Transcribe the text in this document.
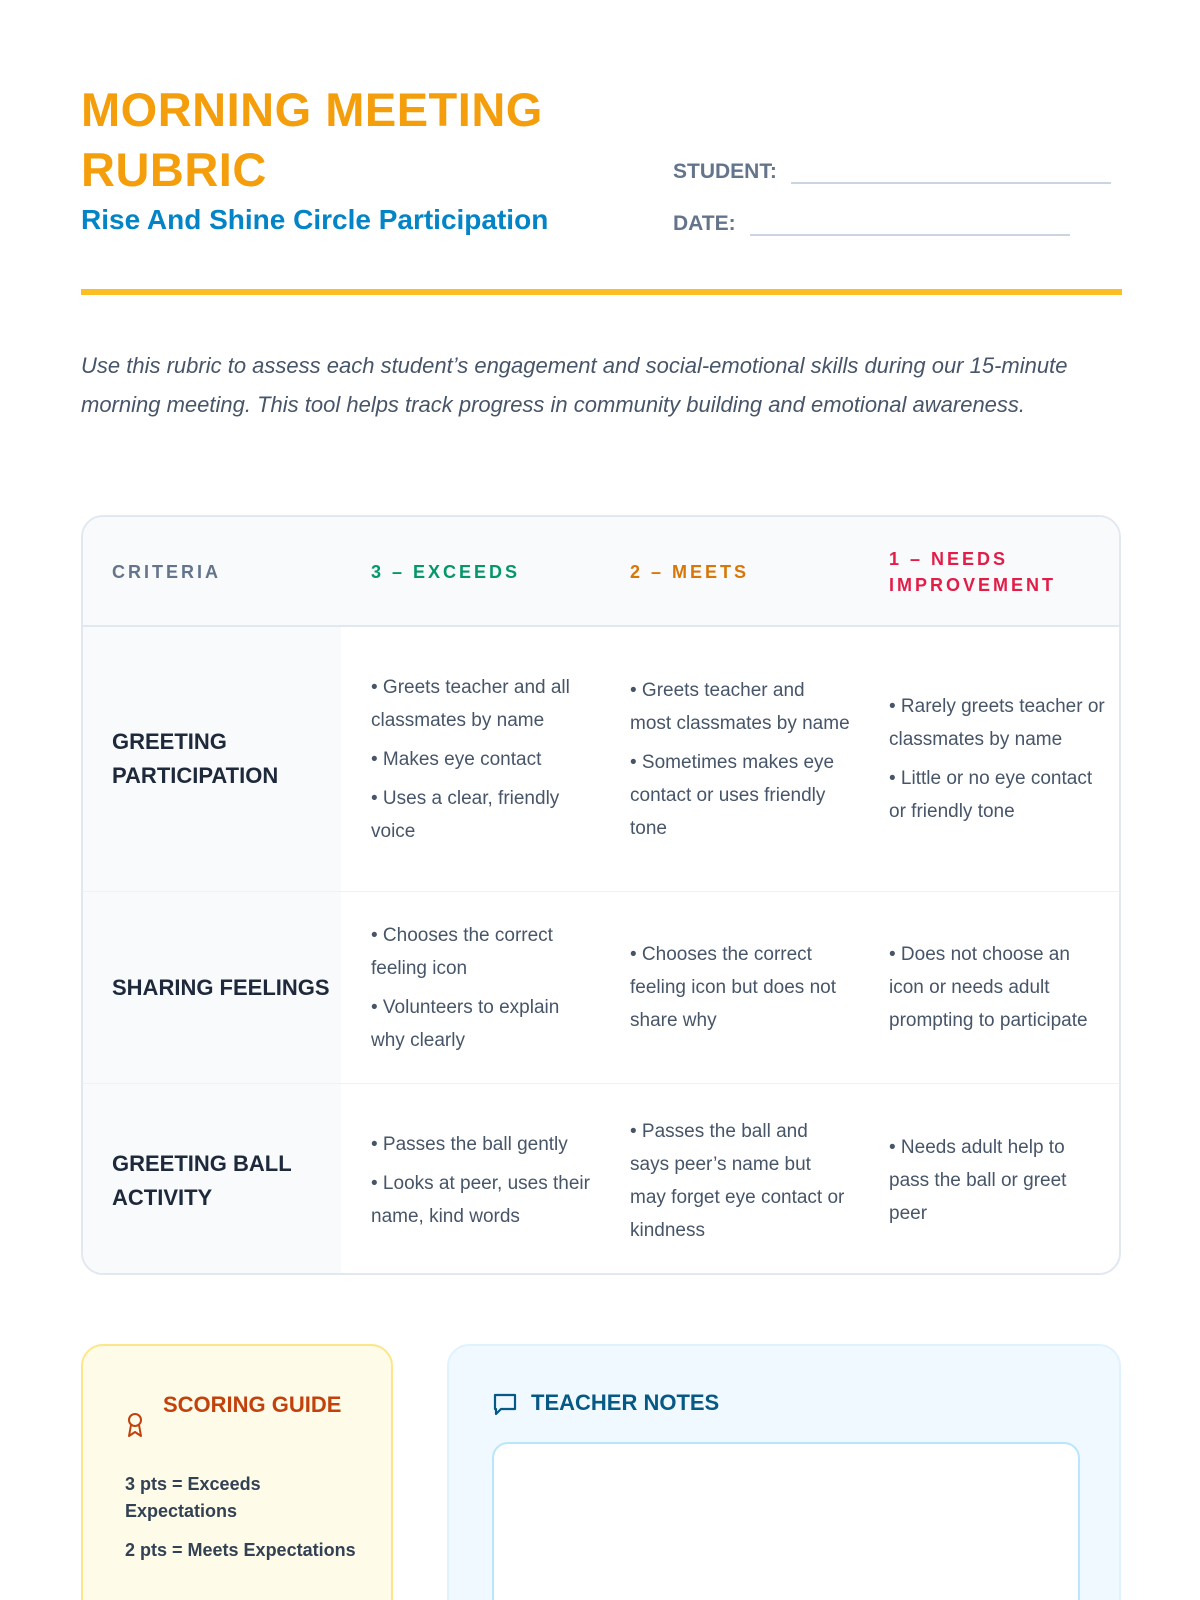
MORNING MEETING RUBRIC
Rise And Shine Circle Participation
STUDENT:
DATE:

Use this rubric to assess each student’s engagement and social-emotional skills during our 15-minute morning meeting. This tool helps track progress in community building and emotional awareness.

CRITERIA	3 – EXCEEDS	2 – MEETS
1 – NEEDS IMPROVEMENT
GREETING PARTICIPATION

• Greets teacher and all classmates by name

• Makes eye contact

• Uses a clear, friendly voice

• Greets teacher and most classmates by name

• Sometimes makes eye contact or uses friendly tone

• Rarely greets teacher or classmates by name

• Little or no eye contact or friendly tone

SHARING FEELINGS

• Chooses the correct feeling icon

• Volunteers to explain why clearly

• Chooses the correct feeling icon but does not share why

• Does not choose an icon or needs adult prompting to participate

GREETING BALL ACTIVITY

• Passes the ball gently

• Looks at peer, uses their name, kind words

• Passes the ball and says peer’s name but may forget eye contact or kindness

• Needs adult help to pass the ball or greet peer

SCORING GUIDE

3 pts = Exceeds Expectations

2 pts = Meets Expectations

TEACHER NOTES
